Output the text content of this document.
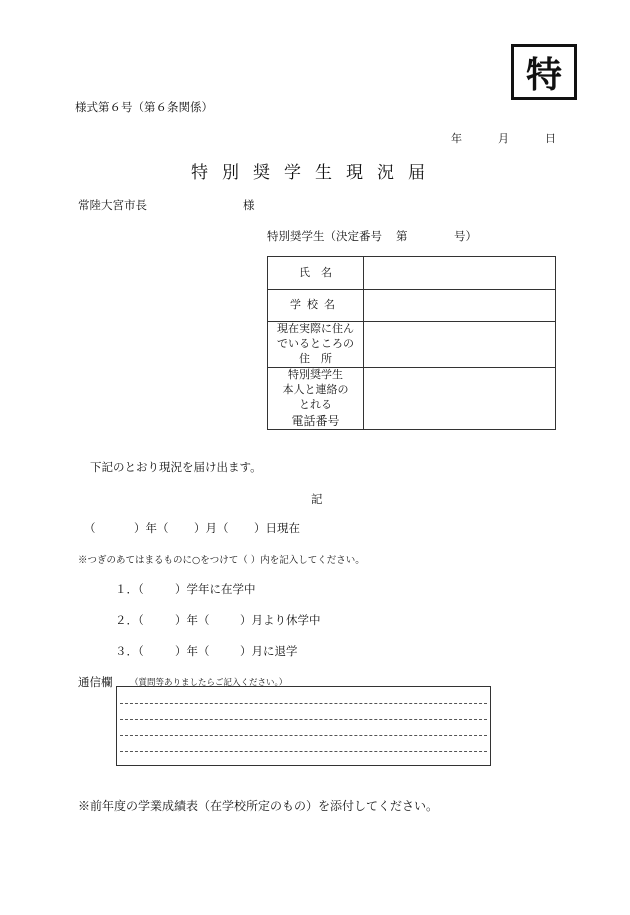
特
様式第６号（第６条関係）
年	月	日
特別奨学生現況届
常陸大宮市長	様
特別奨学生（決定番号 第	号）
氏　名	
学校名	

現在実際に住ん
でいるところの
住　所	

特別奨学生
本人と連絡の
とれる
電話番号	

下記のとおり現況を届け出ます。
記
（	）年（ ）月（ ）日現在
※つぎのあてはまるものに○をつけて（ ）内を記入してください。
１．（	）学年に在学中
２．（	）年（	）月より休学中
３．（	）年（	）月に退学
通信欄 （質問等ありましたらご記入ください。）
※前年度の学業成績表（在学校所定のもの）を添付してください。
